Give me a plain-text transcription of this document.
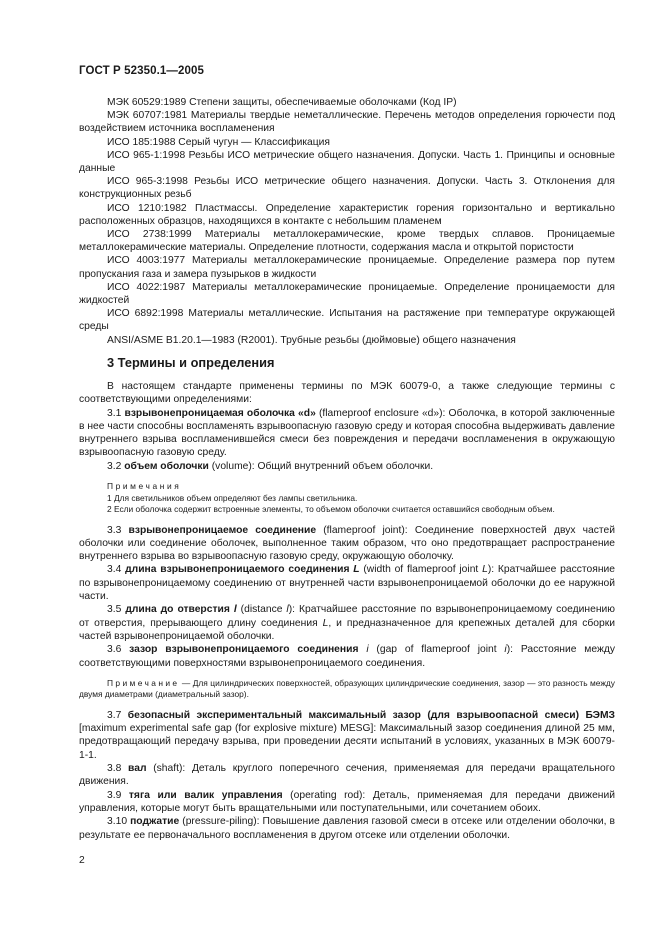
ГОСТ Р 52350.1—2005

МЭК 60529:1989 Степени защиты, обеспечиваемые оболочками (Код IP)

МЭК 60707:1981 Материалы твердые неметаллические. Перечень методов определения горючести под воздействием источника воспламенения

ИСО 185:1988 Серый чугун — Классификация

ИСО 965-1:1998 Резьбы ИСО метрические общего назначения. Допуски. Часть 1. Принципы и основные данные

ИСО 965-3:1998 Резьбы ИСО метрические общего назначения. Допуски. Часть 3. Отклонения для конструкционных резьб

ИСО 1210:1982 Пластмассы. Определение характеристик горения горизонтально и вертикально расположенных образцов, находящихся в контакте с небольшим пламенем

ИСО 2738:1999 Материалы металлокерамические, кроме твердых сплавов. Проницаемые металлокерамические материалы. Определение плотности, содержания масла и открытой пористости

ИСО 4003:1977 Материалы металлокерамические проницаемые. Определение размера пор путем пропускания газа и замера пузырьков в жидкости

ИСО 4022:1987 Материалы металлокерамические проницаемые. Определение проницаемости для жидкостей

ИСО 6892:1998 Материалы металлические. Испытания на растяжение при температуре окружающей среды

ANSI/ASME B1.20.1—1983 (R2001). Трубные резьбы (дюймовые) общего назначения

3 Термины и определения

В настоящем стандарте применены термины по МЭК 60079-0, а также следующие термины с соответствующими определениями:

3.1 взрывонепроницаемая оболочка «d» (flameproof enclosure «d»): Оболочка, в которой заключенные в нее части способны воспламенять взрывоопасную газовую среду и которая способна выдерживать давление внутреннего взрыва воспламенившейся смеси без повреждения и передачи воспламенения в окружающую взрывоопасную газовую среду.

3.2 объем оболочки (volume): Общий внутренний объем оболочки.

Примечания

1 Для светильников объем определяют без лампы светильника.

2 Если оболочка содержит встроенные элементы, то объемом оболочки считается оставшийся свободным объем.

3.3 взрывонепроницаемое соединение (flameproof joint): Соединение поверхностей двух частей оболочки или соединение оболочек, выполненное таким образом, что оно предотвращает распространение внутреннего взрыва во взрывоопасную газовую среду, окружающую оболочку.

3.4 длина взрывонепроницаемого соединения L (width of flameproof joint L): Кратчайшее расстояние по взрывонепроницаемому соединению от внутренней части взрывонепроницаемой оболочки до ее наружной части.

3.5 длина до отверстия l (distance l): Кратчайшее расстояние по взрывонепроницаемому соединению от отверстия, прерывающего длину соединения L, и предназначенное для крепежных деталей для сборки частей взрывонепроницаемой оболочки.

3.6 зазор взрывонепроницаемого соединения i (gap of flameproof joint i): Расстояние между соответствующими поверхностями взрывонепроницаемого соединения.

Примечание — Для цилиндрических поверхностей, образующих цилиндрические соединения, зазор — это разность между двумя диаметрами (диаметральный зазор).

3.7 безопасный экспериментальный максимальный зазор (для взрывоопасной смеси) БЭМЗ [maximum experimental safe gap (for explosive mixture) MESG]: Максимальный зазор соединения длиной 25 мм, предотвращающий передачу взрыва, при проведении десяти испытаний в условиях, указанных в МЭК 60079-1-1.

3.8 вал (shaft): Деталь круглого поперечного сечения, применяемая для передачи вращательного движения.

3.9 тяга или валик управления (operating rod): Деталь, применяемая для передачи движений управления, которые могут быть вращательными или поступательными, или сочетанием обоих.

3.10 поджатие (pressure-piling): Повышение давления газовой смеси в отсеке или отделении оболочки, в результате ее первоначального воспламенения в другом отсеке или отделении оболочки.

2
